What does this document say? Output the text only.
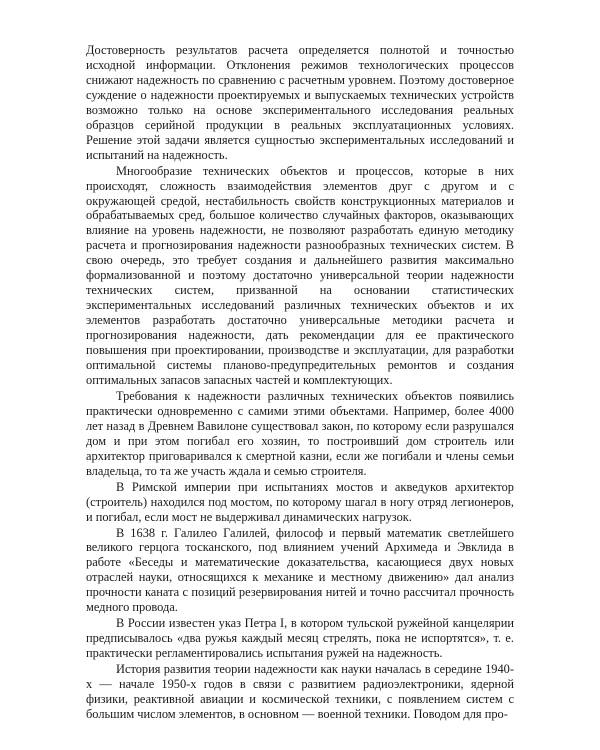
Достоверность результатов расчета определяется полнотой и точностью исходной информации. Отклонения режимов технологических процессов снижают надежность по сравнению с расчетным уровнем. Поэтому достоверное суждение о надежности проектируемых и выпускаемых технических устройств возможно только на основе экспериментального исследования реальных образцов серийной продукции в реальных эксплуатационных условиях. Решение этой задачи является сущностью экспериментальных исследований и испытаний на надежность.

Многообразие технических объектов и процессов, которые в них происходят, сложность взаимодействия элементов друг с другом и с окружающей средой, нестабильность свойств конструкционных материалов и обрабатываемых сред, большое количество случайных факторов, оказывающих влияние на уровень надежности, не позволяют разработать единую методику расчета и прогнозирования надежности разнообразных технических систем. В свою очередь, это требует создания и дальнейшего развития максимально формализованной и поэтому достаточно универсальной теории надежности технических систем, призванной на основании статистических экспериментальных исследований различных технических объектов и их элементов разработать достаточно универсальные методики расчета и прогнозирования надежности, дать рекомендации для ее практического повышения при проектировании, производстве и эксплуатации, для разработки оптимальной системы планово-предупредительных ремонтов и создания оптимальных запасов запасных частей и комплектующих.

Требования к надежности различных технических объектов появились практически одновременно с самими этими объектами. Например, более 4000 лет назад в Древнем Вавилоне существовал закон, по которому если разрушался дом и при этом погибал его хозяин, то построивший дом строитель или архитектор приговаривался к смертной казни, если же погибали и члены семьи владельца, то та же участь ждала и семью строителя.

В Римской империи при испытаниях мостов и акведуков архитектор (строитель) находился под мостом, по которому шагал в ногу отряд легионеров, и погибал, если мост не выдерживал динамических нагрузок.

В 1638 г. Галилео Галилей, философ и первый математик светлейшего великого герцога тосканского, под влиянием учений Архимеда и Эвклида в работе «Беседы и математические доказательства, касающиеся двух новых отраслей науки, относящихся к механике и местному движению» дал анализ прочности каната с позиций резервирования нитей и точно рассчитал прочность медного провода.

В России известен указ Петра I, в котором тульской ружейной канцелярии предписывалось «два ружья каждый месяц стрелять, пока не испортятся», т. е. практически регламентировались испытания ружей на надежность.

История развития теории надежности как науки началась в середине 1940-х — начале 1950-х годов в связи с развитием радиоэлектроники, ядерной физики, реактивной авиации и космической техники, с появлением систем с большим числом элементов, в основном — военной техники. Поводом для про-
